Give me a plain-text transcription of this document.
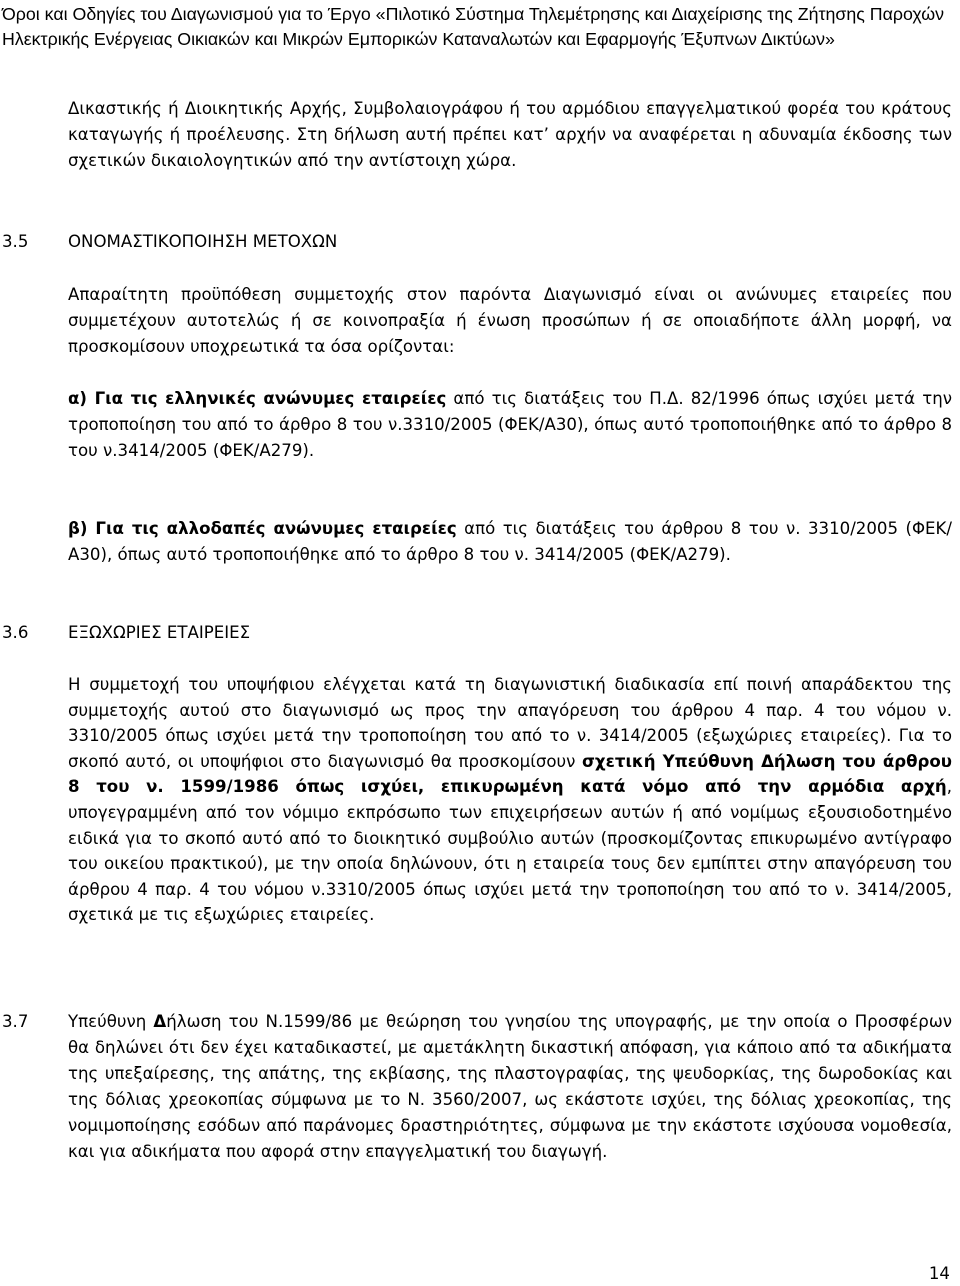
Όροι και Οδηγίες του Διαγωνισμού για το Έργο «Πιλοτικό Σύστημα Τηλεμέτρησης και Διαχείρισης της Ζήτησης Παροχών Ηλεκτρικής Ενέργειας Οικιακών και Μικρών Εμπορικών Καταναλωτών και Εφαρμογής Έξυπνων Δικτύων»

Δικαστικής ή Διοικητικής Αρχής, Συμβολαιογράφου ή του αρμόδιου επαγγελματικού φορέα του κράτους καταγωγής ή προέλευσης. Στη δήλωση αυτή πρέπει κατ’ αρχήν να αναφέρεται η αδυναμία έκδοσης των σχετικών δικαιολογητικών από την αντίστοιχη χώρα.

3.5 ΟΝΟΜΑΣΤΙΚΟΠΟΙΗΣΗ ΜΕΤΟΧΩΝ

Απαραίτητη προϋπόθεση συμμετοχής στον παρόντα Διαγωνισμό είναι οι ανώνυμες εταιρείες που συμμετέχουν αυτοτελώς ή σε κοινοπραξία ή ένωση προσώπων ή σε οποιαδήποτε άλλη μορφή, να προσκομίσουν υποχρεωτικά τα όσα ορίζονται:

α) Για τις ελληνικές ανώνυμες εταιρείες από τις διατάξεις του Π.Δ. 82/1996 όπως ισχύει μετά την τροποποίηση του από το άρθρο 8 του ν.3310/2005 (ΦΕΚ/Α30), όπως αυτό τροποποιήθηκε από το άρθρο 8 του ν.3414/2005 (ΦΕΚ/Α279).

β) Για τις αλλοδαπές ανώνυμες εταιρείες από τις διατάξεις του άρθρου 8 του ν. 3310/2005 (ΦΕΚ/Α30), όπως αυτό τροποποιήθηκε από το άρθρο 8 του ν. 3414/2005 (ΦΕΚ/Α279).

3.6 ΕΞΩΧΩΡΙΕΣ ΕΤΑΙΡΕΙΕΣ

Η συμμετοχή του υποψήφιου ελέγχεται κατά τη διαγωνιστική διαδικασία επί ποινή απαράδεκτου της συμμετοχής αυτού στο διαγωνισμό ως προς την απαγόρευση του άρθρου 4 παρ. 4 του νόμου ν. 3310/2005 όπως ισχύει μετά την τροποποίηση του από το ν. 3414/2005 (εξωχώριες εταιρείες). Για το σκοπό αυτό, οι υποψήφιοι στο διαγωνισμό θα προσκομίσουν σχετική Υπεύθυνη Δήλωση του άρθρου 8 του ν. 1599/1986 όπως ισχύει, επικυρωμένη κατά νόμο από την αρμόδια αρχή, υπογεγραμμένη από τον νόμιμο εκπρόσωπο των επιχειρήσεων αυτών ή από νομίμως εξουσιοδοτημένο ειδικά για το σκοπό αυτό από το διοικητικό συμβούλιο αυτών (προσκομίζοντας επικυρωμένο αντίγραφο του οικείου πρακτικού), με την οποία δηλώνουν, ότι η εταιρεία τους δεν εμπίπτει στην απαγόρευση του άρθρου 4 παρ. 4 του νόμου ν.3310/2005 όπως ισχύει μετά την τροποποίηση του από το ν. 3414/2005, σχετικά με τις εξωχώριες εταιρείες.

3.7	Υπεύθυνη Δήλωση του Ν.1599/86 με θεώρηση του γνησίου της υπογραφής, με την οποία ο Προσφέρων θα δηλώνει ότι δεν έχει καταδικαστεί, με αμετάκλητη δικαστική απόφαση, για κάποιο από τα αδικήματα της υπεξαίρεσης, της απάτης, της εκβίασης, της πλαστογραφίας, της ψευδορκίας, της δωροδοκίας και της δόλιας χρεοκοπίας σύμφωνα με το Ν. 3560/2007, ως εκάστοτε ισχύει, της δόλιας χρεοκοπίας, της νομιμοποίησης εσόδων από παράνομες δραστηριότητες, σύμφωνα με την εκάστοτε ισχύουσα νομοθεσία, και για αδικήματα που αφορά στην επαγγελματική του διαγωγή.

14
